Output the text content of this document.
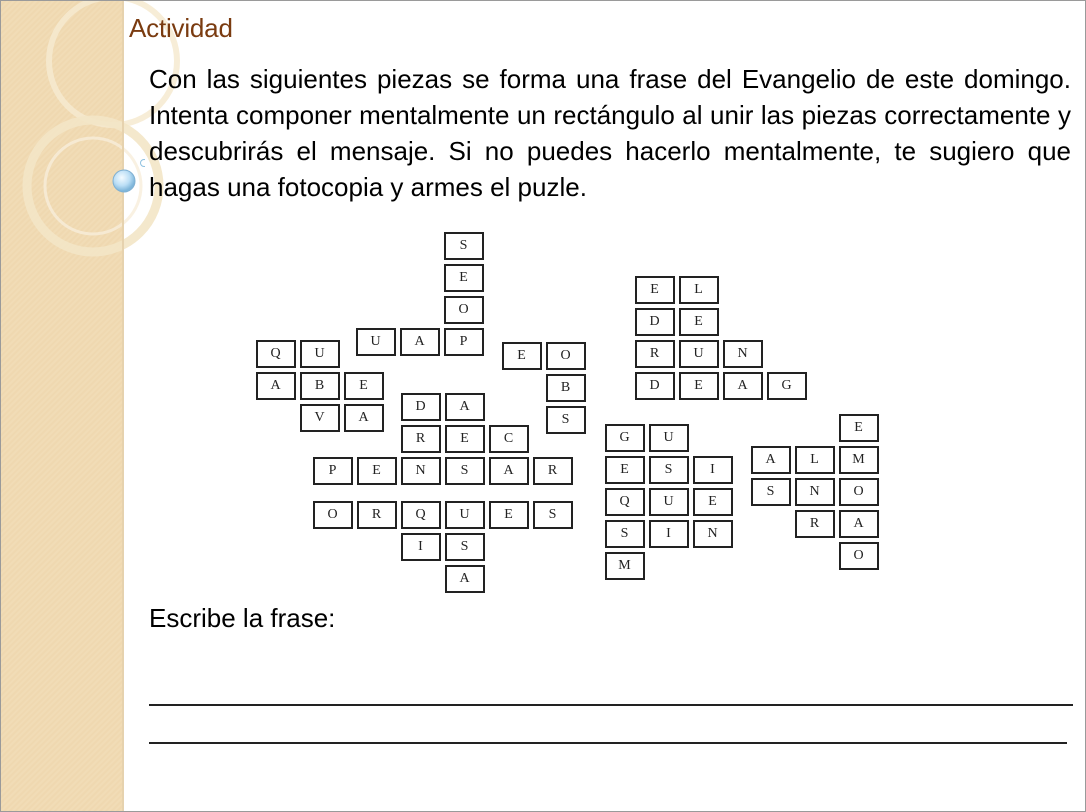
Actividad

Con las siguientes piezas se forma una frase del Evangelio de este domingo. Intenta componer mentalmente un rectángulo al unir las piezas correctamente y descubrirás el mensaje. Si no puedes hacerlo mentalmente, te sugiero que hagas una fotocopia y armes el puzle.

S
E
O
U	A	P
Q	U
A	B	E
V	A
E	O
B
S
E	L
D	E
R	U	N
D	E	A	G
D	A
R	E	C
P	E	N	S	A	R
O	R	Q	U	E	S
I	S
A
G	U
E	S	I
Q	U	E
S	I	N
M
E
A	L	M
S	N	O
R	A
O

Escribe la frase:
